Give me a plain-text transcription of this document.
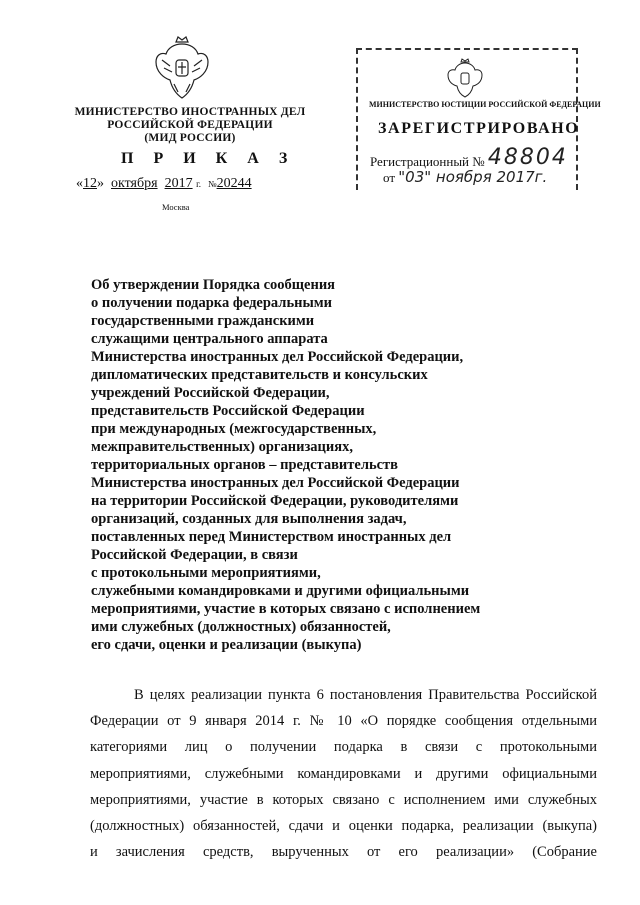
МИНИСТЕРСТВО ИНОСТРАННЫХ ДЕЛ
РОССИЙСКОЙ ФЕДЕРАЦИИ
(МИД РОССИИ)
П Р И К А З
«12» октября 2017 г. №20244
Москва
МИНИСТЕРСТВО ЮСТИЦИИ РОССИЙСКОЙ ФЕДЕРАЦИИ
ЗАРЕГИСТРИРОВАНО
Регистрационный № 48804
от "03" ноября 2017г.
Об утверждении Порядка сообщения
о получении подарка федеральными
государственными гражданскими
служащими центрального аппарата
Министерства иностранных дел Российской Федерации,
дипломатических представительств и консульских
учреждений Российской Федерации,
представительств Российской Федерации
при международных (межгосударственных,
межправительственных) организациях,
территориальных органов – представительств
Министерства иностранных дел Российской Федерации
на территории Российской Федерации, руководителями
организаций, созданных для выполнения задач,
поставленных перед Министерством иностранных дел
Российской Федерации, в связи
с протокольными мероприятиями,
служебными командировками и другими официальными
мероприятиями, участие в которых связано с исполнением
ими служебных (должностных) обязанностей,
его сдачи, оценки и реализации (выкупа)
В целях реализации пункта 6 постановления Правительства Российской
Федерации от 9 января 2014 г. № 10 «О порядке сообщения отдельными
категориями лиц о получении подарка в связи с протокольными
мероприятиями, служебными командировками и другими официальными
мероприятиями, участие в которых связано с исполнением ими служебных
(должностных) обязанностей, сдачи и оценки подарка, реализации (выкупа)
и зачисления средств, вырученных от его реализации» (Собрание
